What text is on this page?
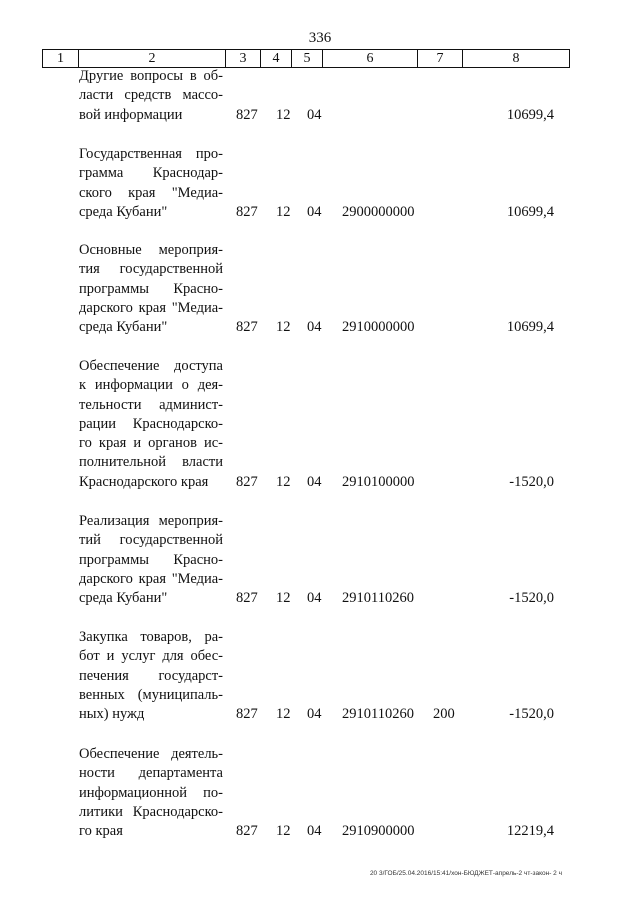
336
1	2	3	4	5	6	7	8
Другие вопросы в об-
ласти средств массо-
вой информации	827 12 04	10699,4
Государственная про-
грамма Краснодар-
ского края "Медиа-
среда Кубани"	827 12 04 2900000000	10699,4
Основные мероприя-
тия государственной
программы Красно-
дарского края "Медиа-
среда Кубани"	827 12 04 2910000000	10699,4
Обеспечение доступа
к информации о дея-
тельности админист-
рации Краснодарско-
го края и органов ис-
полнительной власти
Краснодарского края	827 12 04 2910100000	-1520,0
Реализация мероприя-
тий государственной
программы Красно-
дарского края "Медиа-
среда Кубани"	827 12 04 2910110260	-1520,0
Закупка товаров, ра-
бот и услуг для обес-
печения государст-
венных (муниципаль-
ных) нужд	827 12 04 2910110260 200	-1520,0
Обеспечение деятель-
ности департамента
информационной по-
литики Краснодарско-
го края	827 12 04 2910900000	12219,4
20 3/ГОБ/25.04.2016/15:41/хон-БЮДЖЕТ-апрель-2 чт-закон- 2 ч
